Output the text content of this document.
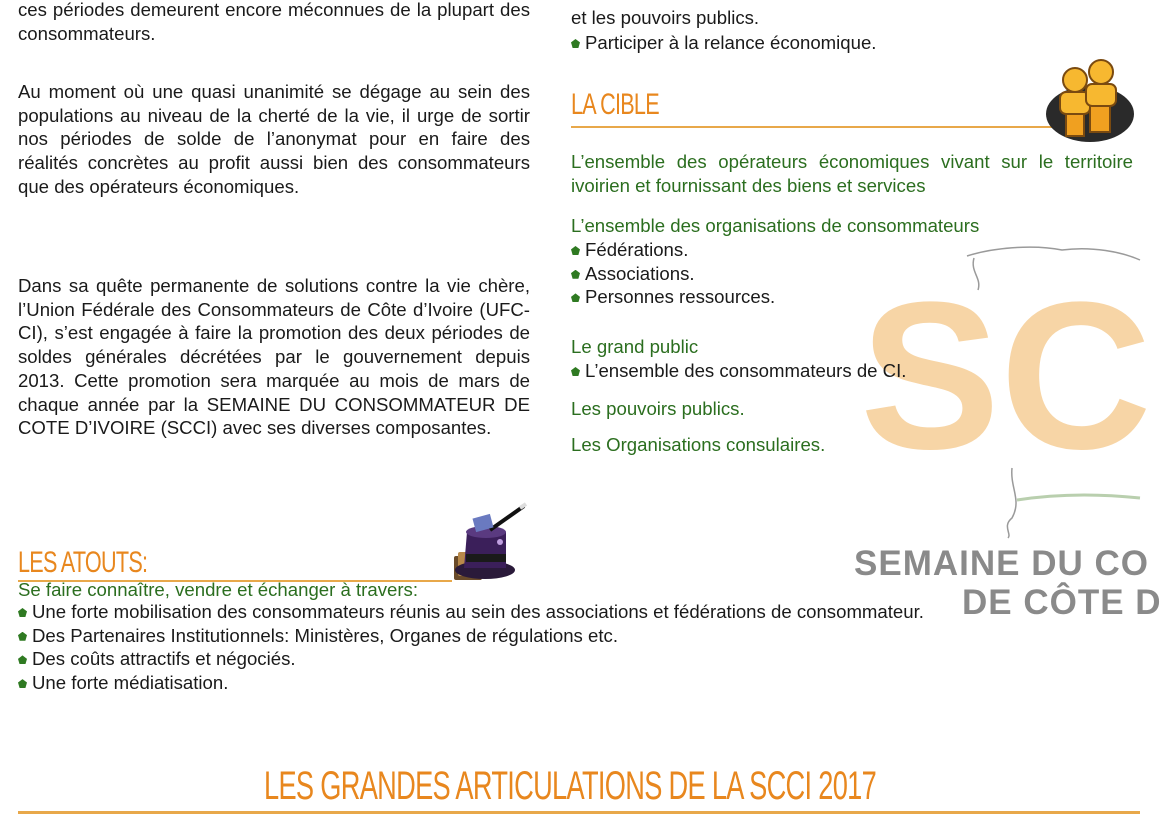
SC
SEMAINE DU CO
DE CÔTE D

ces périodes demeurent encore méconnues de la plupart des consommateurs.

Au moment où une quasi unanimité se dégage au sein des populations au niveau de la cherté de la vie, il urge de sortir nos périodes de solde de l’anonymat pour en faire des réalités concrètes au profit aussi bien des consommateurs que des opérateurs économiques.

Dans sa quête permanente de solutions contre la vie chère, l’Union Fédérale des Consommateurs de Côte d’Ivoire (UFC-CI), s’est engagée à faire la promotion des deux périodes de soldes générales décrétées par le gouvernement depuis 2013. Cette promotion sera marquée au mois de mars de chaque année par la SEMAINE DU CONSOMMATEUR DE COTE D’IVOIRE (SCCI) avec ses diverses composantes.

LES ATOUTS:
Se faire connaître, vendre et échanger à travers:
Une forte mobilisation des consommateurs réunis au sein des associations et fédérations de consommateur.
Des Partenaires Institutionnels: Ministères, Organes de régulations etc.
Des coûts attractifs et négociés.
Une forte médiatisation.
et les pouvoirs publics.
Participer à la relance économique.
LA CIBLE
L’ensemble des opérateurs économiques vivant sur le territoire ivoirien et fournissant des biens et services
L’ensemble des organisations de consommateurs
Fédérations.
Associations.
Personnes ressources.
Le grand public
L’ensemble des consommateurs de CI.
Les pouvoirs publics.
Les Organisations consulaires.
LES GRANDES ARTICULATIONS DE LA SCCI 2017
